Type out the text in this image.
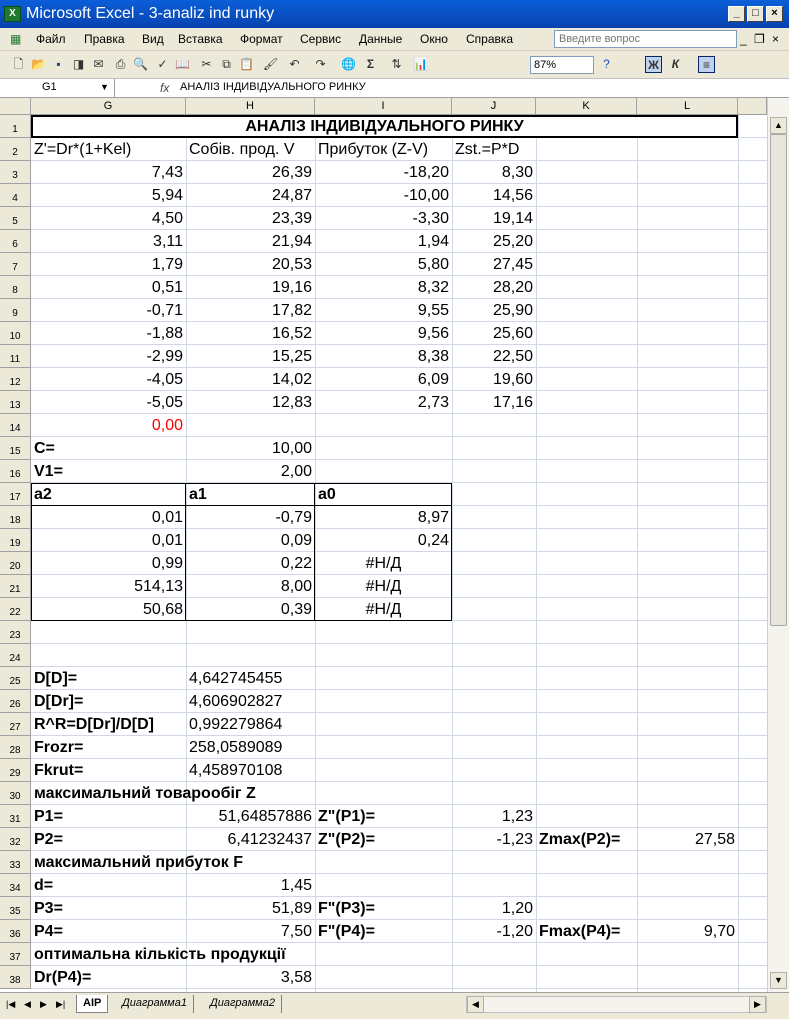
X Microsoft Excel - 3-analiz ind runky	_	□	×
▦ Файл Правка Вид Вставка Формат Сервис Данные Окно Справка	_ ❐ ×
Введите вопрос
🗋 📂 ▪	◨ ✉	⎙ 🔍 ✓ 📖 ✂ ⧉ 📋 🖌 ↶ ↷ 🌐 Σ	⇅ 📊	87%	?	Ж	К	≡
G1	▼	fx АНАЛІЗ ІНДИВІДУАЛЬНОГО РИНКУ
G	H	I	J	K	L
1	АНАЛІЗ ІНДИВІДУАЛЬНОГО РИНКУ
2	Z'=Dr*(1+Kel)	Собів. прод. V	Прибуток (Z-V)	Zst.=P*D
3	7,43	26,39	-18,20	8,30
4	5,94	24,87	-10,00	14,56
5	4,50	23,39	-3,30	19,14
6	3,11	21,94	1,94	25,20
7	1,79	20,53	5,80	27,45
8	0,51	19,16	8,32	28,20
9	-0,71	17,82	9,55	25,90
10	-1,88	16,52	9,56	25,60
11	-2,99	15,25	8,38	22,50
12	-4,05	14,02	6,09	19,60
13	-5,05	12,83	2,73	17,16
14	0,00
15 C=	10,00
16 V1=	2,00
17 a2	a1	a0
18	0,01	-0,79	8,97
19	0,01	0,09	0,24
20	0,99	0,22	#Н/Д
21	514,13	8,00	#Н/Д
22	50,68	0,39	#Н/Д
23
24
25 D[D]=	4,642745455
26 D[Dr]=	4,606902827
27 R^R=D[Dr]/D[D]	0,992279864
28 Frozr=	258,0589089
29 Fkrut=	4,458970108
30 максимальний товарообіг Z
31 P1=	51,64857886 Z"(P1)=	1,23
32 P2=	6,41232437 Z"(P2)=	-1,23 Zmax(P2)=	27,58
33 максимальний прибуток F
34 d=	1,45
35 P3=	51,89 F"(P3)=	1,20
36 P4=	7,50 F"(P4)=	-1,20 Fmax(P4)=	9,70
37 оптимальна кількість продукції
38 Dr(P4)=	3,58
▲
▼
|◀ ◀ ▶ ▶|	AIP	Диаграмма1	Диаграмма2	◀	▶
